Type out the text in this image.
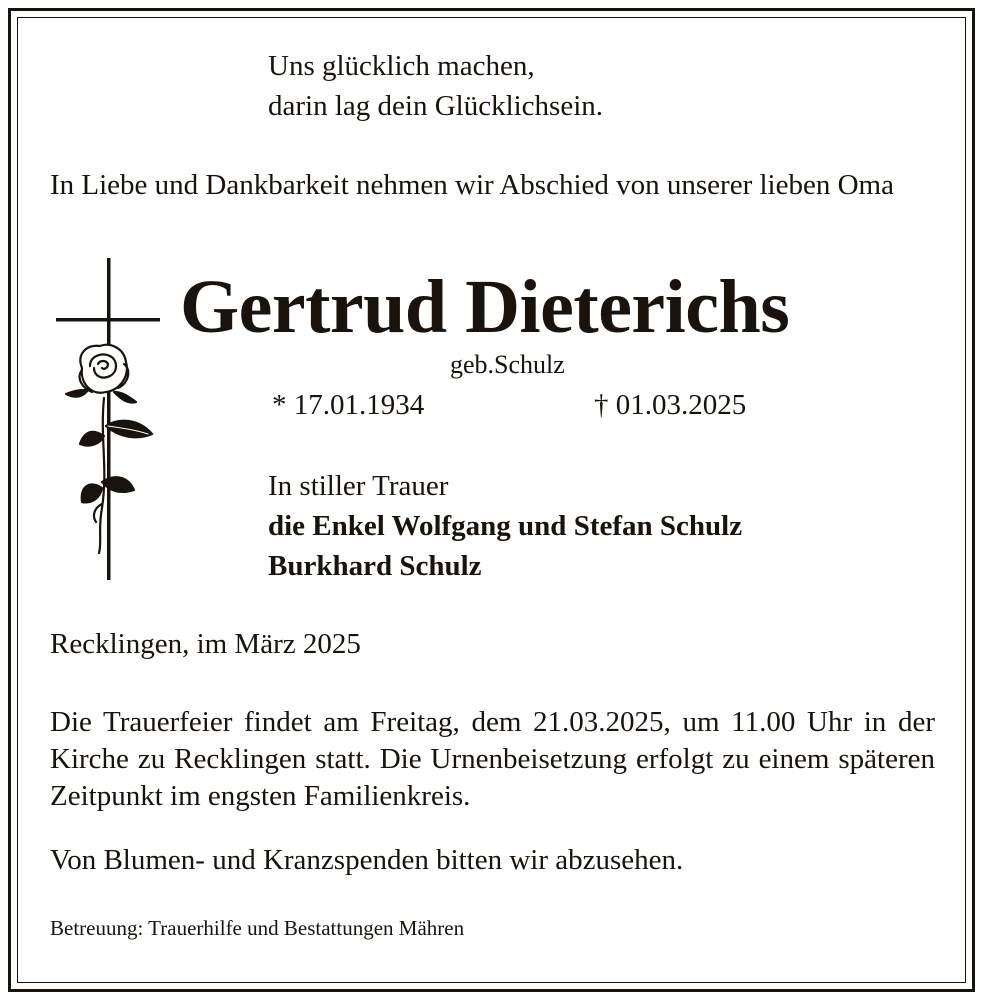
Uns glücklich machen,
darin lag dein Glücklichsein.

In Liebe und Dankbarkeit nehmen wir Abschied von unserer lieben Oma

Gertrud Dieterichs
geb.Schulz
* 17.01.1934	† 01.03.2025
In stiller Trauer
die Enkel Wolfgang und Stefan Schulz
Burkhard Schulz
Recklingen, im März 2025

Die Trauerfeier findet am Freitag, dem 21.03.2025, um 11.00 Uhr in der Kirche zu Recklingen statt. Die Urnenbeisetzung erfolgt zu einem späteren Zeitpunkt im engsten Familienkreis.

Von Blumen- und Kranzspenden bitten wir abzusehen.
Betreuung: Trauerhilfe und Bestattungen Mähren
